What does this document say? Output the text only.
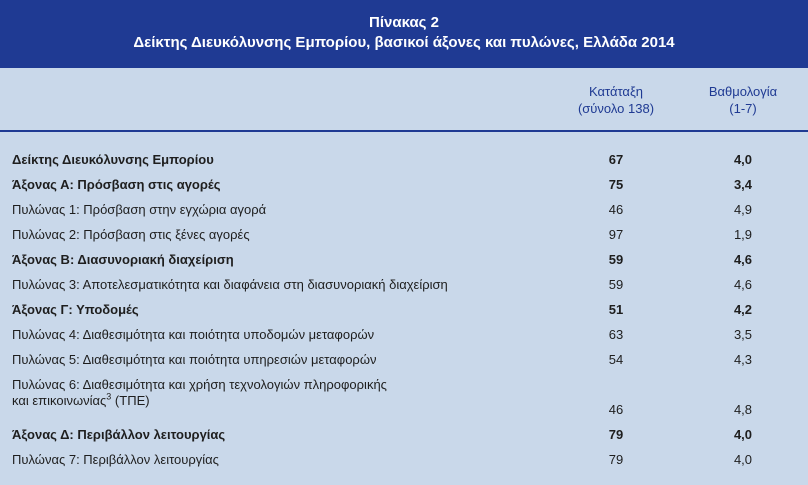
Πίνακας 2
Δείκτης Διευκόλυνσης Εμπορίου, βασικοί άξονες και πυλώνες, Ελλάδα 2014
Κατάταξη
(σύνολο 138)
Βαθμολογία
(1-7)
Δείκτης Διευκόλυνσης Εμπορίου	67	4,0
Άξονας Α: Πρόσβαση στις αγορές	75	3,4
Πυλώνας 1: Πρόσβαση στην εγχώρια αγορά	46	4,9
Πυλώνας 2: Πρόσβαση στις ξένες αγορές	97	1,9
Άξονας Β: Διασυνοριακή διαχείριση	59	4,6
Πυλώνας 3: Αποτελεσματικότητα και διαφάνεια στη διασυνοριακή διαχείριση	59	4,6
Άξονας Γ: Υποδομές	51	4,2
Πυλώνας 4: Διαθεσιμότητα και ποιότητα υποδομών μεταφορών	63	3,5
Πυλώνας 5: Διαθεσιμότητα και ποιότητα υπηρεσιών μεταφορών	54	4,3
Πυλώνας 6: Διαθεσιμότητα και χρήση τεχνολογιών πληροφορικής
και επικοινωνίας$^3$ (ΤΠΕ)
46	4,8
Άξονας Δ: Περιβάλλον λειτουργίας	79	4,0
Πυλώνας 7: Περιβάλλον λειτουργίας	79	4,0
